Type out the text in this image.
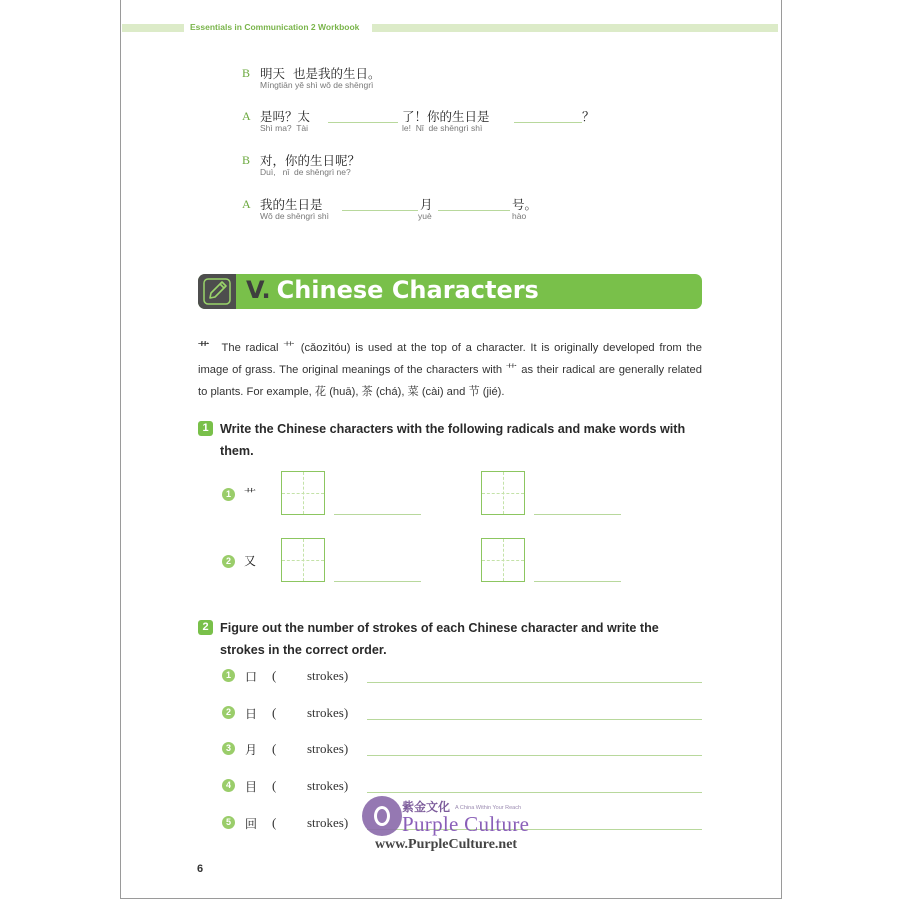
Essentials in Communication 2 Workbook
B 明天  也是我的生日。
Míngtiān yě shì wǒ de shēngrì
A 是吗？太	了！你的生日是	？
Shì ma?  Tài	le!  Nǐ  de shēngrì shì
B 对，你的生日呢？
Duì,   nǐ  de shēngrì ne?
A 我的生日是	月	号。
Wǒ de shēngrì shì	yuè	hào
V. Chinese Characters
艹 The radical 艹 (cǎozìtóu) is used at the top of a character. It is originally developed from the image of grass. The original meanings of the characters with 艹 as their radical are generally related to plants. For example, 花 (huā), 茶 (chá), 菜 (cài) and 节 (jié).
1 Write the Chinese characters with the following radicals and make words with them.
1	艹
2	又
2 Figure out the number of strokes of each Chinese character and write the strokes in the correct order.
1	口 ( strokes)
2	日 ( strokes)
3	月 ( strokes)
4	目 ( strokes)
5	回 ( strokes)
6
紫金文化 A China Within Your Reach
Purple Culture
www.PurpleCulture.net
